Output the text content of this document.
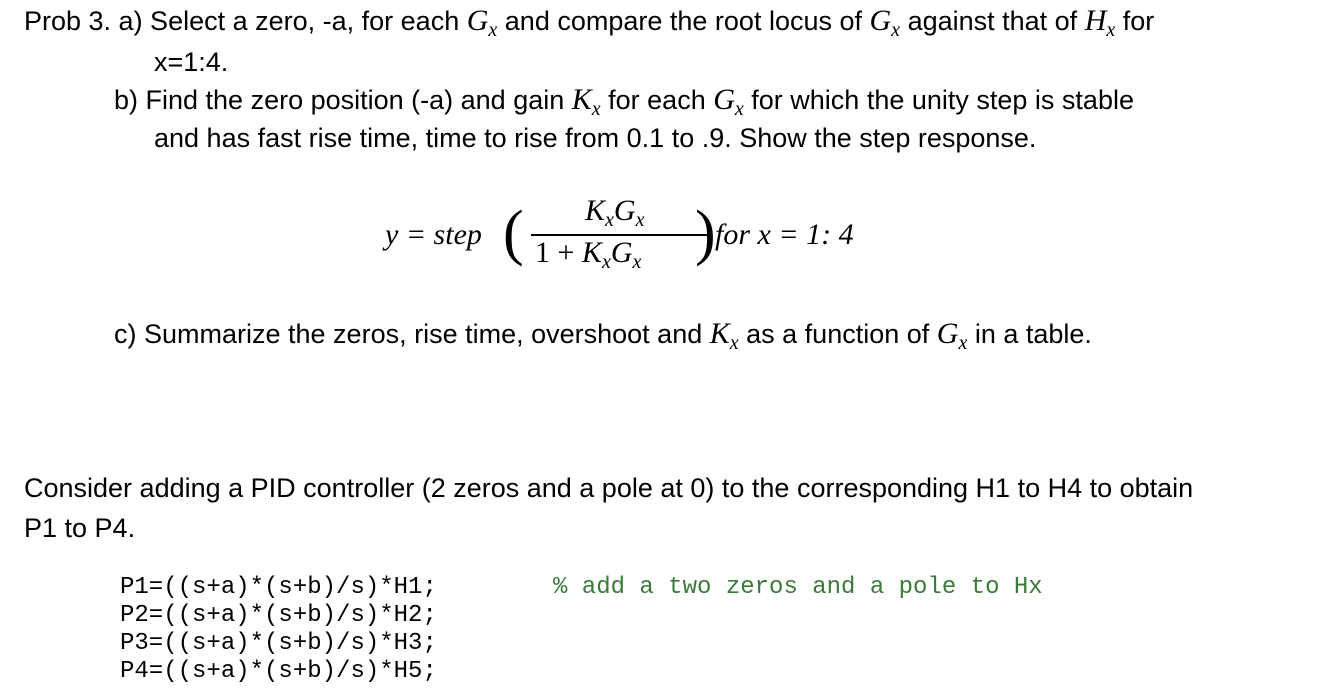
Prob 3. a) Select a zero, -a, for each $G_x$ and compare the root locus of $G_x$ against that of $H_x$ for
x=1:4.
b) Find the zero position (-a) and gain $K_x$ for each $G_x$ for which the unity step is stable
and has fast rise time, time to rise from 0.1 to .9. Show the step response.
y = step ( $K_xG_x$
$1 + K_xG_x$ ) for x = 1: 4
c) Summarize the zeros, rise time, overshoot and $K_x$ as a function of $G_x$ in a table.
Consider adding a PID controller (2 zeros and a pole at 0) to the corresponding H1 to H4 to obtain
P1 to P4.
P1=((s+a)*(s+b)/s)*H1;
P2=((s+a)*(s+b)/s)*H2;
P3=((s+a)*(s+b)/s)*H3;
P4=((s+a)*(s+b)/s)*H5;
% add a two zeros and a pole to Hx
